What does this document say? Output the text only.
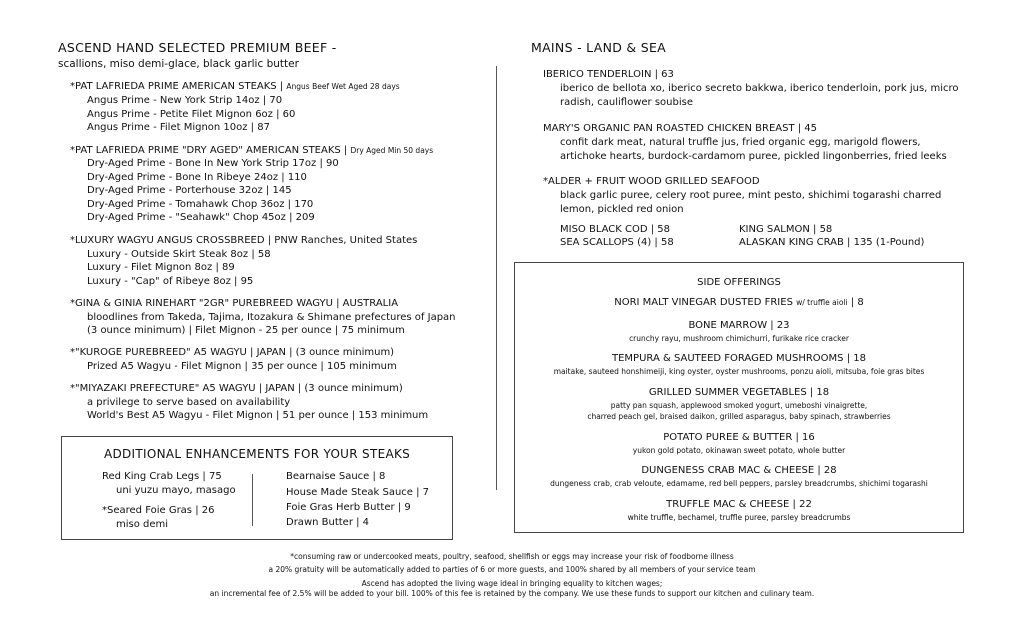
ASCEND HAND SELECTED PREMIUM BEEF -
scallions, miso demi-glace, black garlic butter
*PAT LAFRIEDA PRIME AMERICAN STEAKS | Angus Beef Wet Aged 28 days
Angus Prime - New York Strip 14oz | 70
Angus Prime - Petite Filet Mignon 6oz | 60
Angus Prime - Filet Mignon 10oz | 87
*PAT LAFRIEDA PRIME "DRY AGED" AMERICAN STEAKS | Dry Aged Min 50 days
Dry-Aged Prime - Bone In New York Strip 17oz | 90
Dry-Aged Prime - Bone In Ribeye 24oz | 110
Dry-Aged Prime - Porterhouse 32oz | 145
Dry-Aged Prime - Tomahawk Chop 36oz | 170
Dry-Aged Prime - "Seahawk" Chop 45oz | 209
*LUXURY WAGYU ANGUS CROSSBREED | PNW Ranches, United States
Luxury - Outside Skirt Steak 8oz | 58
Luxury - Filet Mignon 8oz | 89
Luxury - "Cap" of Ribeye 8oz | 95
*GINA & GINIA RINEHART "2GR" PUREBREED WAGYU | AUSTRALIA
bloodlines from Takeda, Tajima, Itozakura & Shimane prefectures of Japan
(3 ounce minimum) | Filet Mignon - 25 per ounce | 75 minimum
*"KUROGE PUREBREED" A5 WAGYU | JAPAN | (3 ounce minimum)
Prized A5 Wagyu - Filet Mignon | 35 per ounce | 105 minimum
*"MIYAZAKI PREFECTURE" A5 WAGYU | JAPAN | (3 ounce minimum)
a privilege to serve based on availability
World's Best A5 Wagyu - Filet Mignon | 51 per ounce | 153 minimum
ADDITIONAL ENHANCEMENTS FOR YOUR STEAKS
Red King Crab Legs | 75
uni yuzu mayo, masago
*Seared Foie Gras | 26
miso demi
Bearnaise Sauce | 8
House Made Steak Sauce | 7
Foie Gras Herb Butter | 9
Drawn Butter | 4
MAINS - LAND & SEA
IBERICO TENDERLOIN | 63
iberico de bellota xo, iberico secreto bakkwa, iberico tenderloin, pork jus, micro
radish, cauliflower soubise
MARY'S ORGANIC PAN ROASTED CHICKEN BREAST | 45
confit dark meat, natural truffle jus, fried organic egg, marigold flowers,
artichoke hearts, burdock-cardamom puree, pickled lingonberries, fried leeks
*ALDER + FRUIT WOOD GRILLED SEAFOOD
black garlic puree, celery root puree, mint pesto, shichimi togarashi charred
lemon, pickled red onion
MISO BLACK COD | 58
SEA SCALLOPS (4) | 58
KING SALMON | 58
ALASKAN KING CRAB | 135 (1-Pound)
SIDE OFFERINGS
NORI MALT VINEGAR DUSTED FRIES w/ truffle aioli | 8
BONE MARROW | 23
crunchy rayu, mushroom chimichurri, furikake rice cracker
TEMPURA & SAUTEED FORAGED MUSHROOMS | 18
maitake, sauteed honshimeiji, king oyster, oyster mushrooms, ponzu aioli, mitsuba, foie gras bites
GRILLED SUMMER VEGETABLES | 18
patty pan squash, applewood smoked yogurt, umeboshi vinaigrette,
charred peach gel, braised daikon, grilled asparagus, baby spinach, strawberries
POTATO PUREE & BUTTER | 16
yukon gold potato, okinawan sweet potato, whole butter
DUNGENESS CRAB MAC & CHEESE | 28
dungeness crab, crab veloute, edamame, red bell peppers, parsley breadcrumbs, shichimi togarashi
TRUFFLE MAC & CHEESE | 22
white truffle, bechamel, truffle puree, parsley breadcrumbs
*consuming raw or undercooked meats, poultry, seafood, shellfish or eggs may increase your risk of foodborne illness
a 20% gratuity will be automatically added to parties of 6 or more guests, and 100% shared by all members of your service team
Ascend has adopted the living wage ideal in bringing equality to kitchen wages;
an incremental fee of 2.5% will be added to your bill. 100% of this fee is retained by the company. We use these funds to support our kitchen and culinary team.
